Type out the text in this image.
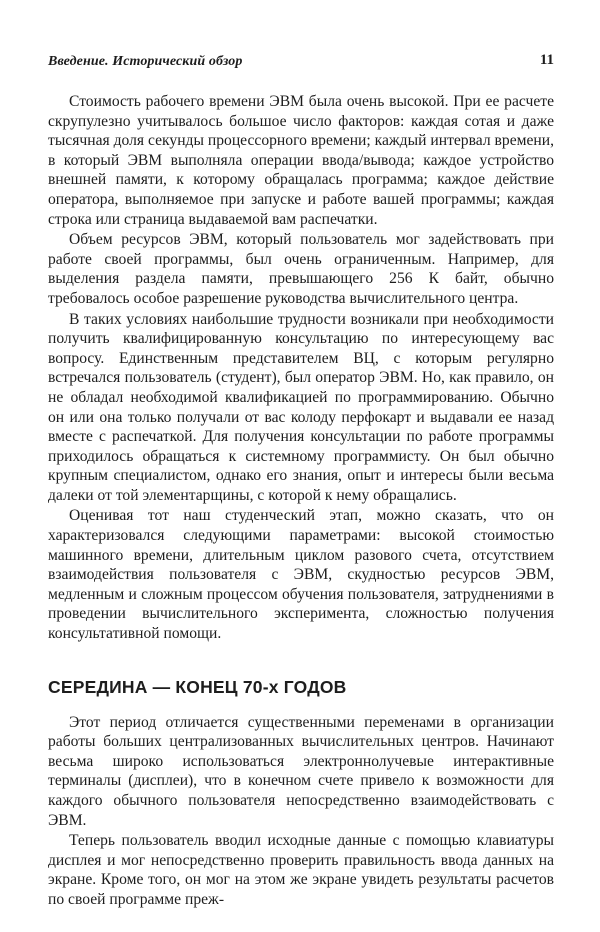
Введение. Исторический обзор	11

Стоимость рабочего времени ЭВМ была очень высокой. При ее расчете скрупулезно учитывалось большое число факторов: каждая сотая и даже тысячная доля секунды процессорного времени; каждый интервал времени, в который ЭВМ выполняла операции ввода/вывода; каждое устройство внешней памяти, к которому обращалась программа; каждое действие оператора, выполняемое при запуске и работе вашей программы; каждая строка или страница выдаваемой вам распечатки.

Объем ресурсов ЭВМ, который пользователь мог задействовать при работе своей программы, был очень ограниченным. Например, для выделения раздела памяти, превышающего 256 К байт, обычно требовалось особое разрешение руководства вычислительного центра.

В таких условиях наибольшие трудности возникали при необходимости получить квалифицированную консультацию по интересующему вас вопросу. Единственным представителем ВЦ, с которым регулярно встречался пользователь (студент), был оператор ЭВМ. Но, как правило, он не обладал необходимой квалификацией по программированию. Обычно он или она только получали от вас колоду перфокарт и выдавали ее назад вместе с распечаткой. Для получения консультации по работе программы приходилось обращаться к системному программисту. Он был обычно крупным специалистом, однако его знания, опыт и интересы были весьма далеки от той элементарщины, с которой к нему обращались.

Оценивая тот наш студенческий этап, можно сказать, что он характеризовался следующими параметрами: высокой стоимостью машинного времени, длительным циклом разового счета, отсутствием взаимодействия пользователя с ЭВМ, скудностью ресурсов ЭВМ, медленным и сложным процессом обучения пользователя, затруднениями в проведении вычислительного эксперимента, сложностью получения консультативной помощи.

СЕРЕДИНА — КОНЕЦ 70-х ГОДОВ

Этот период отличается существенными переменами в организации работы больших централизованных вычислительных центров. Начинают весьма широко использоваться электроннолучевые интерактивные терминалы (дисплеи), что в конечном счете привело к возможности для каждого обычного пользователя непосредственно взаимодействовать с ЭВМ.

Теперь пользователь вводил исходные данные с помощью клавиатуры дисплея и мог непосредственно проверить правильность ввода данных на экране. Кроме того, он мог на этом же экране увидеть результаты расчетов по своей программе преж-
